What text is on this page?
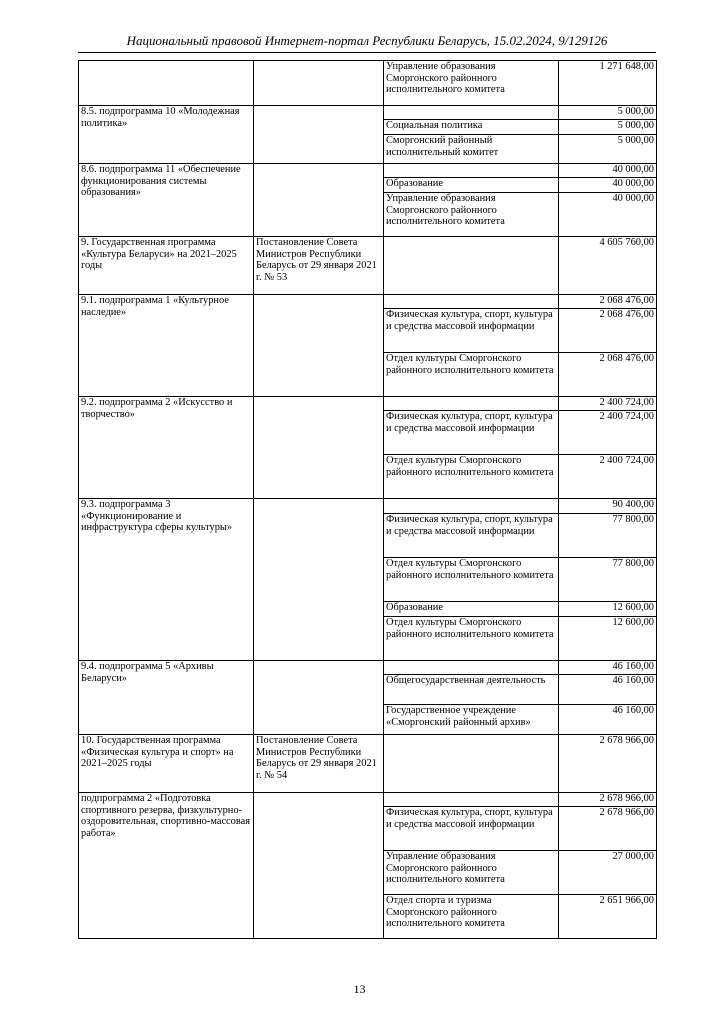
Национальный правовой Интернет-портал Республики Беларусь, 15.02.2024, 9/129126
		Управление образования Сморгонского районного исполнительного комитета	1 271 648,00
8.5. подпрограмма 10 «Молодежная политика»			5 000,00
		Социальная политика	5 000,00
		Сморгонский районный исполнительный комитет	5 000,00
8.6. подпрограмма 11 «Обеспечение функционирования системы образования»			40 000,00
		Образование	40 000,00
		Управление образования Сморгонского районного исполнительного комитета	40 000,00
9. Государственная программа «Культура Беларуси» на 2021–2025 годы	Постановление Совета Министров Республики Беларусь от 29 января 2021 г. № 53		4 605 760,00
9.1. подпрограмма 1 «Культурное наследие»			2 068 476,00
		Физическая культура, спорт, культура и средства массовой информации	2 068 476,00
		Отдел культуры Сморгонского районного исполнительного комитета	2 068 476,00
9.2. подпрограмма 2 «Искусство и творчество»			2 400 724,00
		Физическая культура, спорт, культура и средства массовой информации	2 400 724,00
		Отдел культуры Сморгонского районного исполнительного комитета	2 400 724,00
9.3. подпрограмма 3 «Функционирование и инфраструктура сферы культуры»			90 400,00
		Физическая культура, спорт, культура и средства массовой информации	77 800,00
		Отдел культуры Сморгонского районного исполнительного комитета	77 800,00
		Образование	12 600,00
		Отдел культуры Сморгонского районного исполнительного комитета	12 600,00
9.4. подпрограмма 5 «Архивы Беларуси»			46 160,00
		Общегосударственная деятельность	46 160,00
		Государственное учреждение «Сморгонский районный архив»	46 160,00
10. Государственная программа «Физическая культура и спорт» на 2021–2025 годы	Постановление Совета Министров Республики Беларусь от 29 января 2021 г. № 54		2 678 966,00
подпрограмма 2 «Подготовка спортивного резерва, физкультурно-оздоровительная, спортивно-массовая работа»			2 678 966,00
		Физическая культура, спорт, культура и средства массовой информации	2 678 966,00
		Управление образования Сморгонского районного исполнительного комитета	27 000,00
		Отдел спорта и туризма Сморгонского районного исполнительного комитета	2 651 966,00
13
